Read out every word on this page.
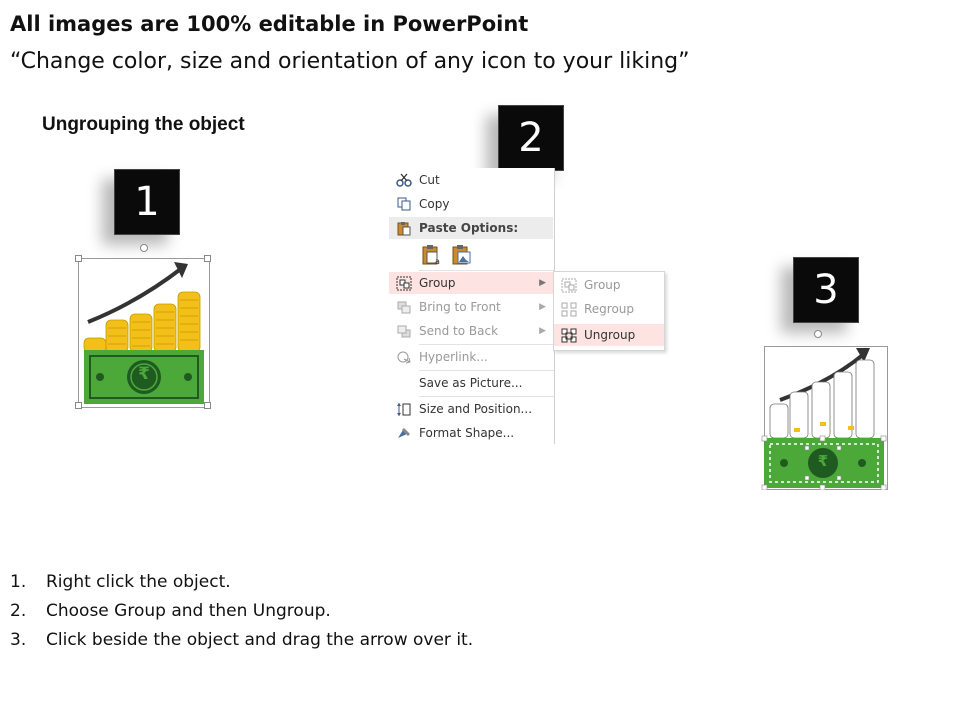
All images are 100% editable in PowerPoint
“Change color, size and orientation of any icon to your liking”
Ungrouping the object
1
₹
2
Cut
Copy
Paste Options:
a
Group	▶
Bring to Front	▶
Send to Back	▶
Hyperlink...
Save as Picture...
Size and Position...
Format Shape...
Group
Regroup
Ungroup
3
₹
1. Right click the object.
2. Choose Group and then Ungroup.
3. Click beside the object and drag the arrow over it.
